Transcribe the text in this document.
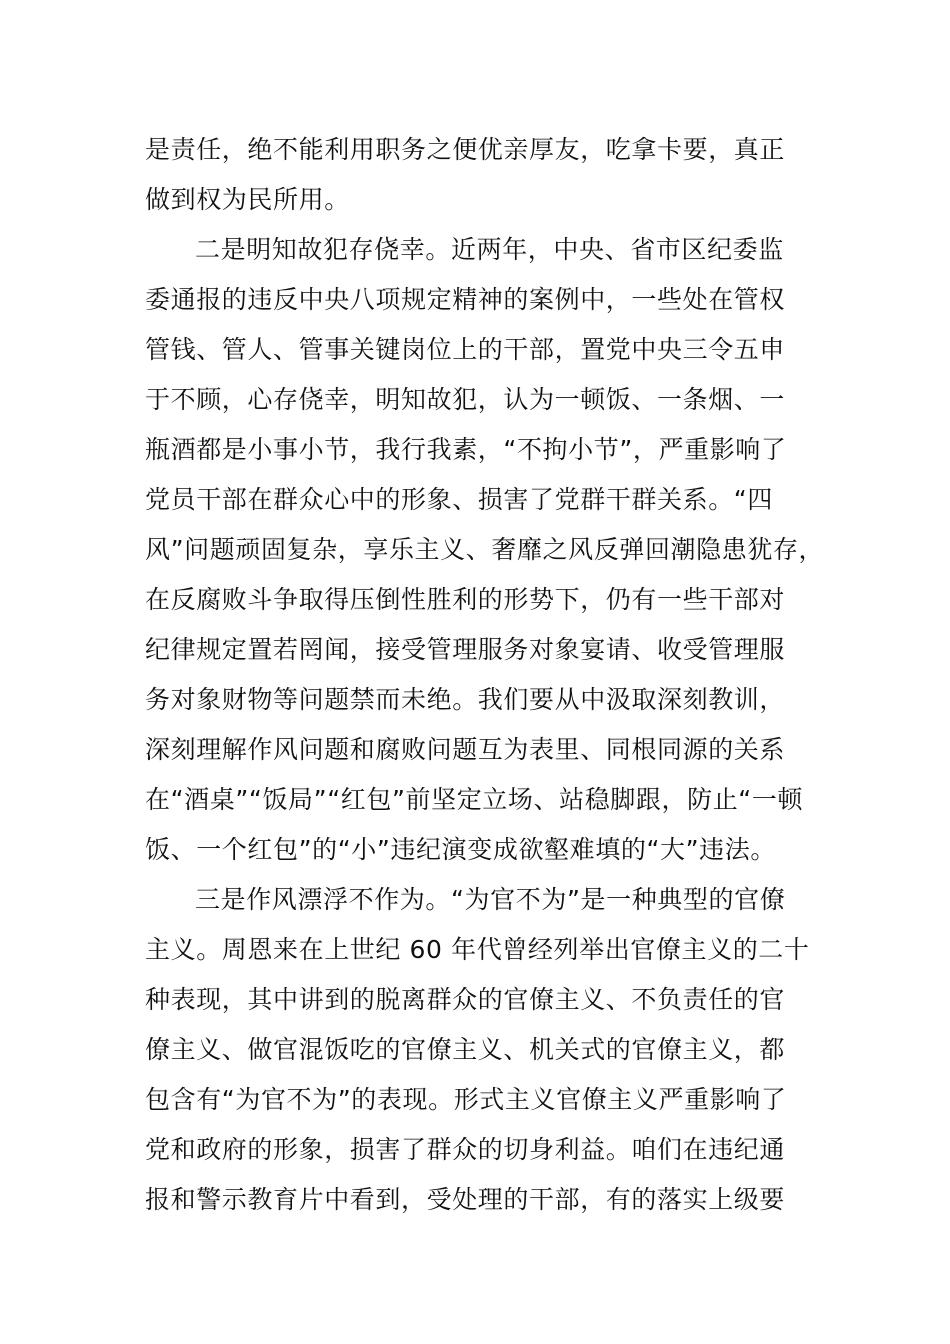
是责任，绝不能利用职务之便优亲厚友，吃拿卡要，真正
做到权为民所用。
二是明知故犯存侥幸。近两年，中央、省市区纪委监
委通报的违反中央八项规定精神的案例中，一些处在管权
管钱、管人、管事关键岗位上的干部，置党中央三令五申
于不顾，心存侥幸，明知故犯，认为一顿饭、一条烟、一
瓶酒都是小事小节，我行我素，“不拘小节”，严重影响了
党员干部在群众心中的形象、损害了党群干群关系。“四
风”问题顽固复杂，享乐主义、奢靡之风反弹回潮隐患犹存，
在反腐败斗争取得压倒性胜利的形势下，仍有一些干部对
纪律规定置若罔闻，接受管理服务对象宴请、收受管理服
务对象财物等问题禁而未绝。我们要从中汲取深刻教训，
深刻理解作风问题和腐败问题互为表里、同根同源的关系
在“酒桌”“饭局”“红包”前坚定立场、站稳脚跟，防止“一顿
饭、一个红包”的“小”违纪演变成欲壑难填的“大”违法。
三是作风漂浮不作为。“为官不为”是一种典型的官僚
主义。周恩来在上世纪 60 年代曾经列举出官僚主义的二十
种表现，其中讲到的脱离群众的官僚主义、不负责任的官
僚主义、做官混饭吃的官僚主义、机关式的官僚主义，都
包含有“为官不为”的表现。形式主义官僚主义严重影响了
党和政府的形象，损害了群众的切身利益。咱们在违纪通
报和警示教育片中看到，受处理的干部，有的落实上级要
